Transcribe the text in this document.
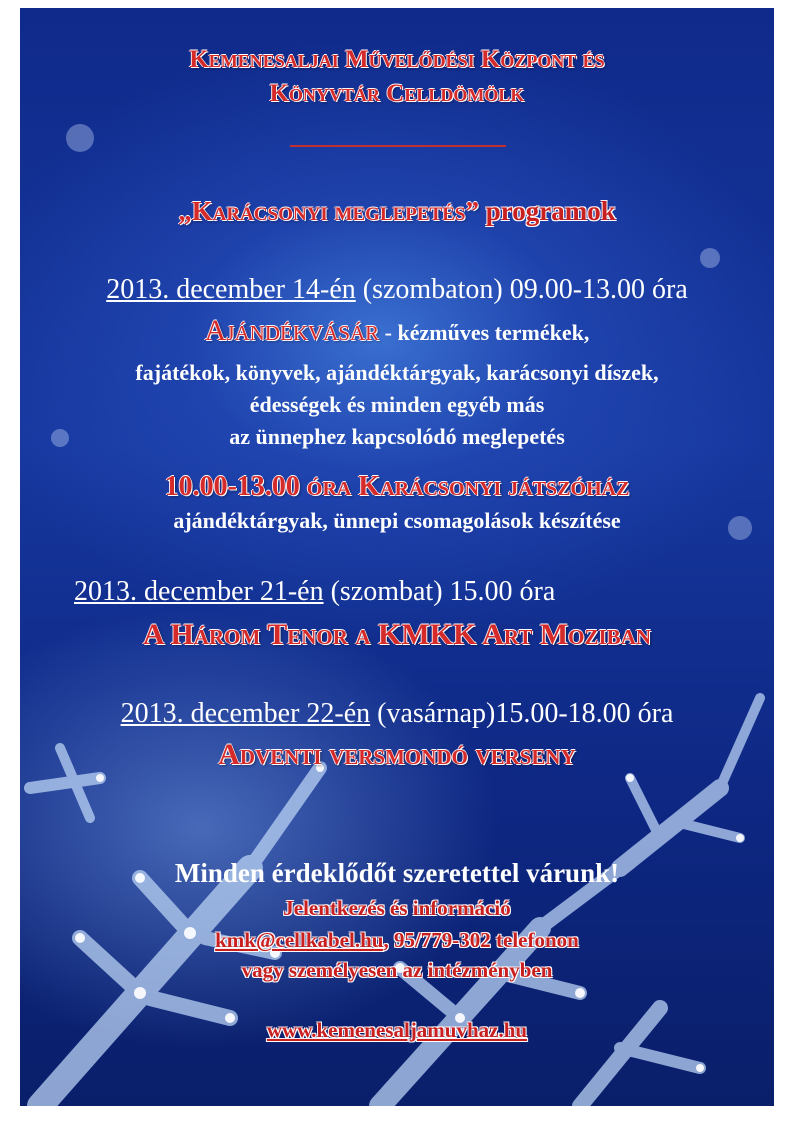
Kemenesaljai Művelődési Központ és
Könyvtár Celldömölk
„Karácsonyi meglepetés” programok
2013. december 14-én (szombaton) 09.00-13.00 óra
Ajándékvásár - kézműves termékek,
fajátékok, könyvek, ajándéktárgyak, karácsonyi díszek,
édességek és minden egyéb más
az ünnephez kapcsolódó meglepetés
10.00-13.00 óra Karácsonyi játszóház
ajándéktárgyak, ünnepi csomagolások készítése
2013. december 21-én (szombat) 15.00 óra
A Három Tenor a KMKK Art Moziban
2013. december 22-én (vasárnap)15.00-18.00 óra
Adventi versmondó verseny
Minden érdeklődőt szeretettel várunk!
Jelentkezés és információ
kmk@cellkabel.hu, 95/779-302 telefonon
vagy személyesen az intézményben
www.kemenesaljamuvhaz.hu
